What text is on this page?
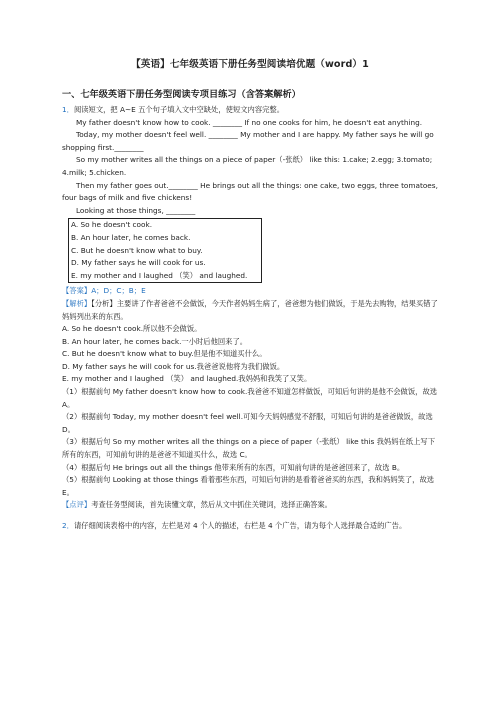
【英语】七年级英语下册任务型阅读培优题（word）1
一、七年级英语下册任务型阅读专项目练习（含答案解析）

1．阅读短文，把 A~E 五个句子填入文中空缺处，使短文内容完整。

My father doesn't know how to cook. ________ If no one cooks for him, he doesn't eat anything.

Today, my mother doesn't feel well. ________ My mother and I are happy. My father says he will go shopping first.________

So my mother writes all the things on a piece of paper（-张纸） like this: 1.cake; 2.egg; 3.tomato; 4.milk; 5.chicken.

Then my father goes out.________ He brings out all the things: one cake, two eggs, three tomatoes, four bags of milk and five chickens!

Looking at those things, ________

A. So he doesn't cook.

B. An hour later, he comes back.

C. But he doesn't know what to buy.

D. My father says he will cook for us.

E. my mother and I laughed （笑） and laughed.

【答案】A；D；C；B；E

【解析】【分析】主要讲了作者爸爸不会做饭，今天作者妈妈生病了，爸爸想为他们做饭，于是先去购物，结果买错了妈妈列出来的东西。

A. So he doesn't cook.所以他不会做饭。

B. An hour later, he comes back.一小时后他回来了。

C. But he doesn't know what to buy.但是他不知道买什么。

D. My father says he will cook for us.我爸爸说他将为我们做饭。

E. my mother and I laughed （笑） and laughed.我妈妈和我笑了又笑。

（1）根据前句 My father doesn't know how to cook.我爸爸不知道怎样做饭，可知后句讲的是他不会做饭，故选 A。

（2）根据前句 Today, my mother doesn't feel well.可知今天妈妈感觉不舒服，可知后句讲的是爸爸做饭，故选 D。

（3）根据后句 So my mother writes all the things on a piece of paper（-张纸） like this 我妈妈在纸上写下所有的东西，可知前句讲的是爸爸不知道买什么，故选 C。

（4）根据后句 He brings out all the things 他带来所有的东西，可知前句讲的是爸爸回来了，故选 B。

（5）根据前句 Looking at those things 看着那些东西，可知后句讲的是看着爸爸买的东西，我和妈妈笑了，故选 E。

【点评】考查任务型阅读，首先读懂文章，然后从文中抓住关键词，选择正确答案。

2．请仔细阅读表格中的内容，左栏是对 4 个人的描述，右栏是 4 个广告，请为每个人选择最合适的广告。
